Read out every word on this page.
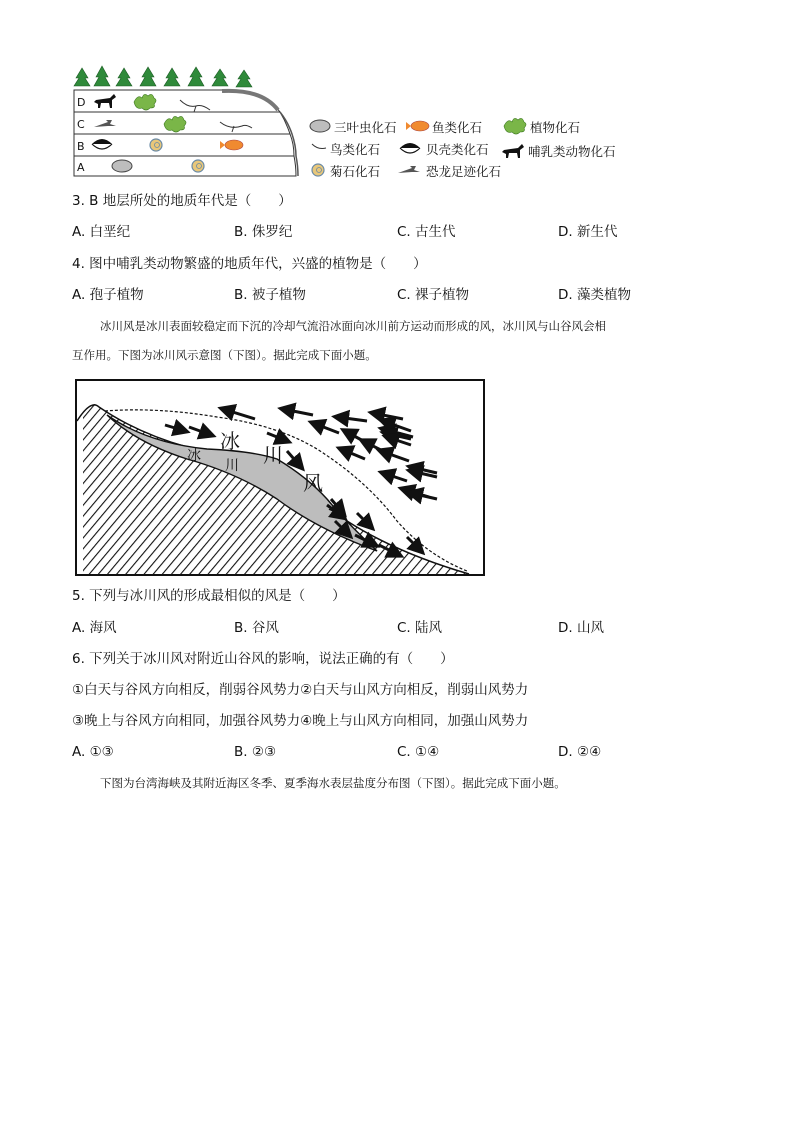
D
C
B
A
三叶虫化石	鱼类化石	植物化石
鸟类化石	贝壳类化石	哺乳类动物化石
菊石化石	恐龙足迹化石
3. B 地层所处的地质年代是（　　）
A. 白垩纪	B. 侏罗纪	C. 古生代	D. 新生代
4. 图中哺乳类动物繁盛的地质年代，兴盛的植物是（　　）
A. 孢子植物	B. 被子植物	C. 裸子植物	D. 藻类植物
冰川风是冰川表面较稳定而下沉的冷却气流沿冰面向冰川前方运动而形成的风，冰川风与山谷风会相
互作用。下图为冰川风示意图（下图）。据此完成下面小题。
冰
川
冰
川
风
5. 下列与冰川风的形成最相似的风是（　　）
A. 海风	B. 谷风	C. 陆风	D. 山风
6. 下列关于冰川风对附近山谷风的影响，说法正确的有（　　）
①白天与谷风方向相反，削弱谷风势力②白天与山风方向相反，削弱山风势力
③晚上与谷风方向相同，加强谷风势力④晚上与山风方向相同，加强山风势力
A. ①③	B. ②③	C. ①④	D. ②④
下图为台湾海峡及其附近海区冬季、夏季海水表层盐度分布图（下图）。据此完成下面小题。
